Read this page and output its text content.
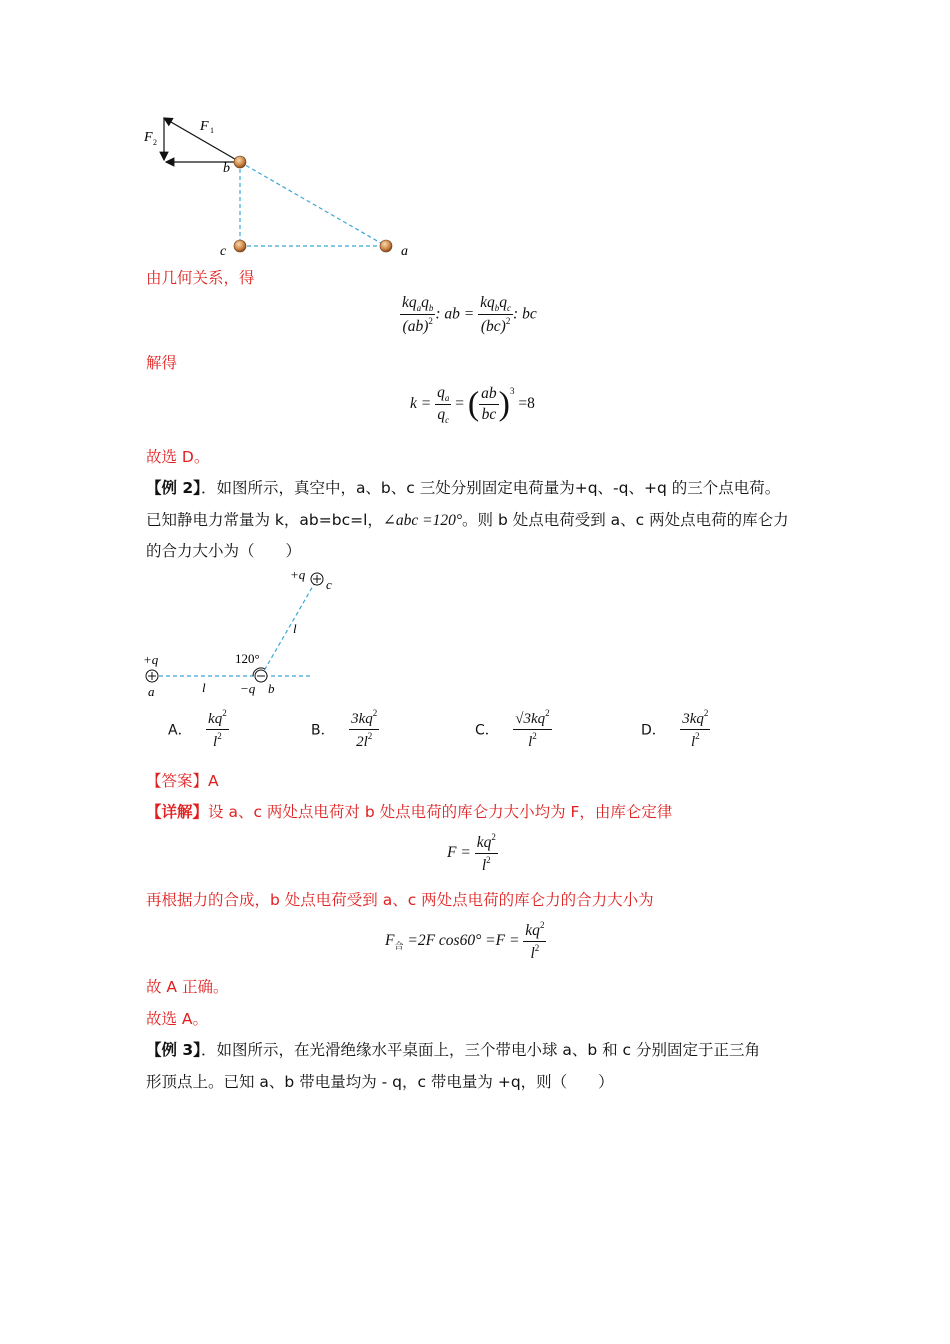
F 1
F 2
b
c	a
由几何关系，得
$\frac{kq_aq_b}{(ab)^2}$ : ab = $\frac{kq_bq_c}{(bc)^2}$ : bc
解得
$k = \frac{q_a}{q_c}$ = ( $\frac{ab}{bc} )^3 =8$
故选 D。
【例 2】．如图所示，真空中，a、b、c 三处分别固定电荷量为+q、-q、+q 的三个点电荷。
已知静电力常量为 k，ab=bc=l，∠abc =120°。则 b 处点电荷受到 a、c 两处点电荷的库仑力
的合力大小为（　　）
+q
c
l
+q	120°
a	l	−q b
A． $\frac{kq^2}{l^2}$	B． $\frac{3kq^2}{2l^2}$	C． $\frac{√3kq^2}{l^2}$	D． $\frac{3kq^2}{l^2}$
【答案】A
【详解】设 a、c 两处点电荷对 b 处点电荷的库仑力大小均为 F，由库仑定律
$F = \frac{kq^2}{l^2}$
再根据力的合成，b 处点电荷受到 a、c 两处点电荷的库仑力的合力大小为
$F_合 =2F$ $\cos 60^\circ =F = \frac{kq^2}{l^2}$
故 A 正确。
故选 A。
【例 3】．如图所示，在光滑绝缘水平桌面上，三个带电小球 a、b 和 c 分别固定于正三角
形顶点上。已知 a、b 带电量均为 - q，c 带电量为 +q，则（　　）
